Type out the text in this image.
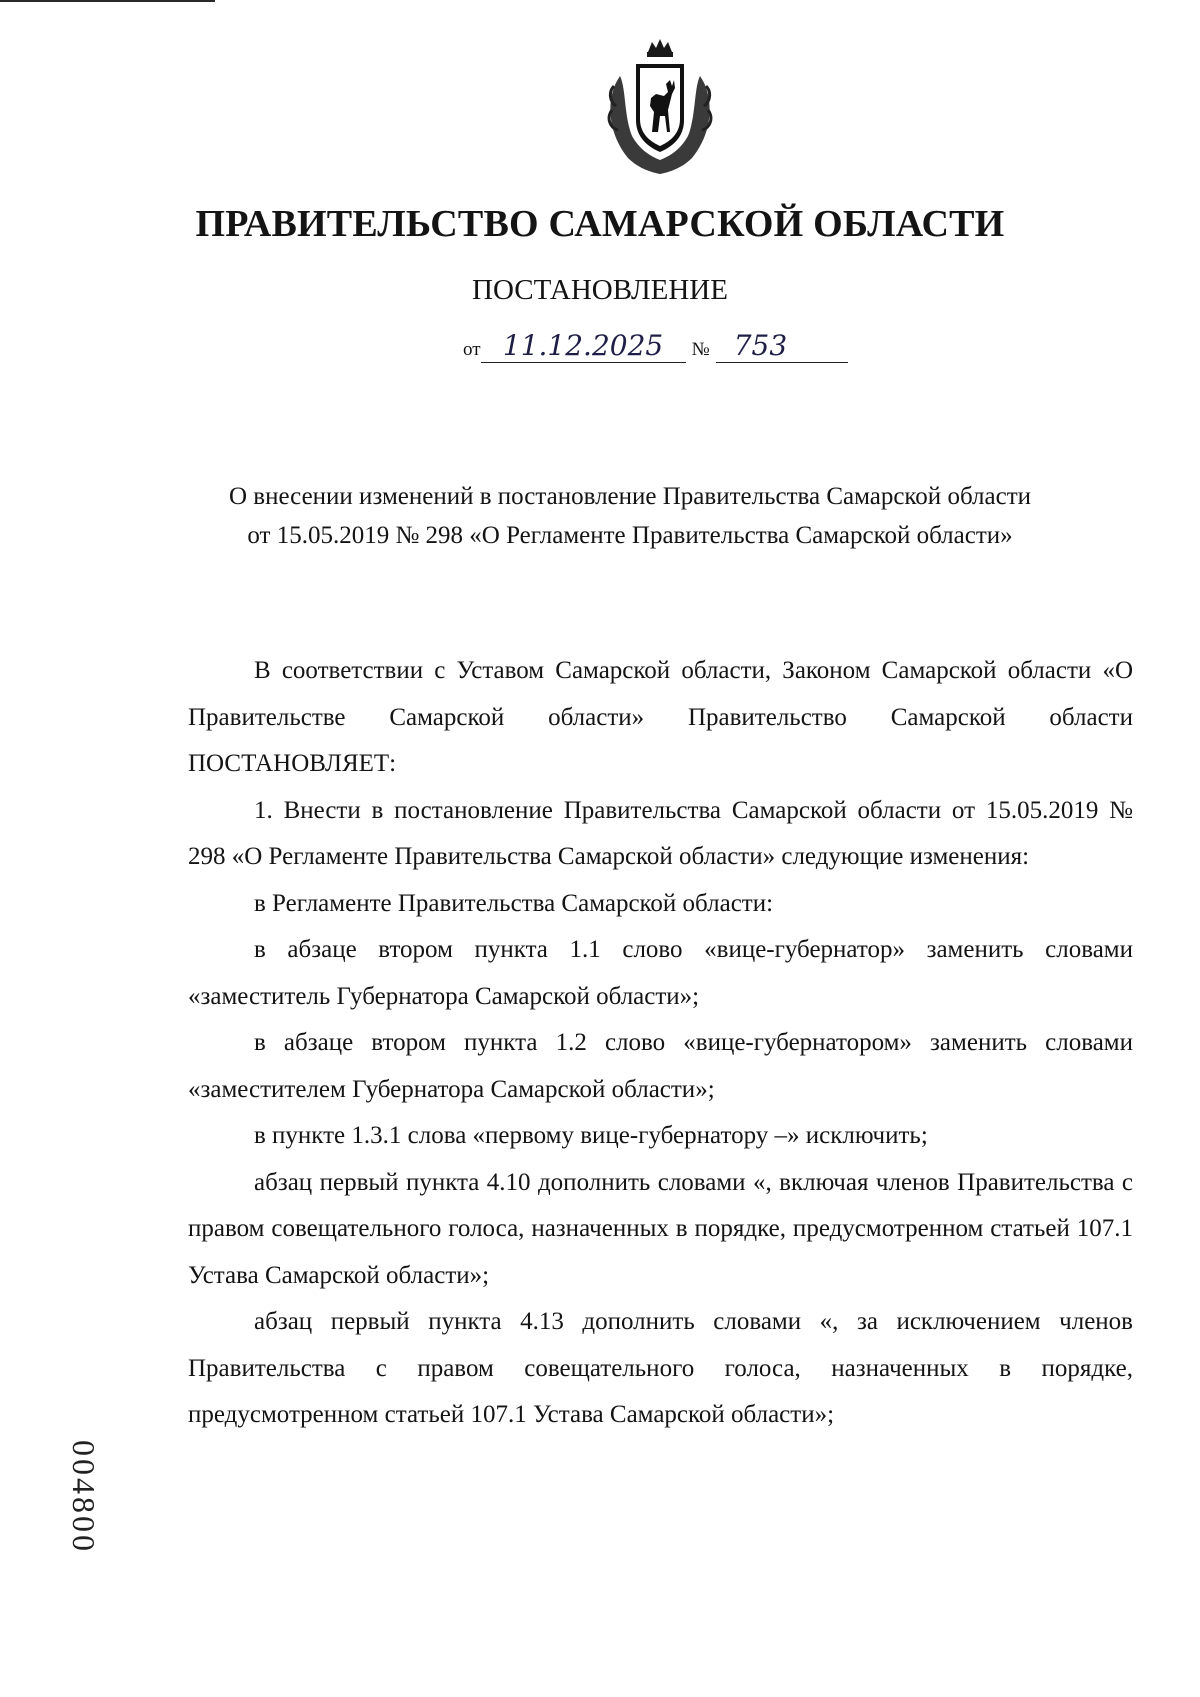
ПРАВИТЕЛЬСТВО САМАРСКОЙ ОБЛАСТИ
ПОСТАНОВЛЕНИЕ
от 11.12.2025 № 753
О внесении изменений в постановление Правительства Самарской области
от 15.05.2019 № 298 «О Регламенте Правительства Самарской области»

В соответствии с Уставом Самарской области, Законом Самарской области «О Правительстве Самарской области» Правительство Самарской области ПОСТАНОВЛЯЕТ:

1. Внести в постановление Правительства Самарской области от 15.05.2019 № 298 «О Регламенте Правительства Самарской области» следующие изменения:

в Регламенте Правительства Самарской области:

в абзаце втором пункта 1.1 слово «вице-губернатор» заменить словами «заместитель Губернатора Самарской области»;

в абзаце втором пункта 1.2 слово «вице-губернатором» заменить словами «заместителем Губернатора Самарской области»;

в пункте 1.3.1 слова «первому вице-губернатору –» исключить;

абзац первый пункта 4.10 дополнить словами «, включая членов Правительства с правом совещательного голоса, назначенных в порядке, предусмотренном статьей 107.1 Устава Самарской области»;

абзац первый пункта 4.13 дополнить словами «, за исключением членов Правительства с правом совещательного голоса, назначенных в порядке, предусмотренном статьей 107.1 Устава Самарской области»;

004800
